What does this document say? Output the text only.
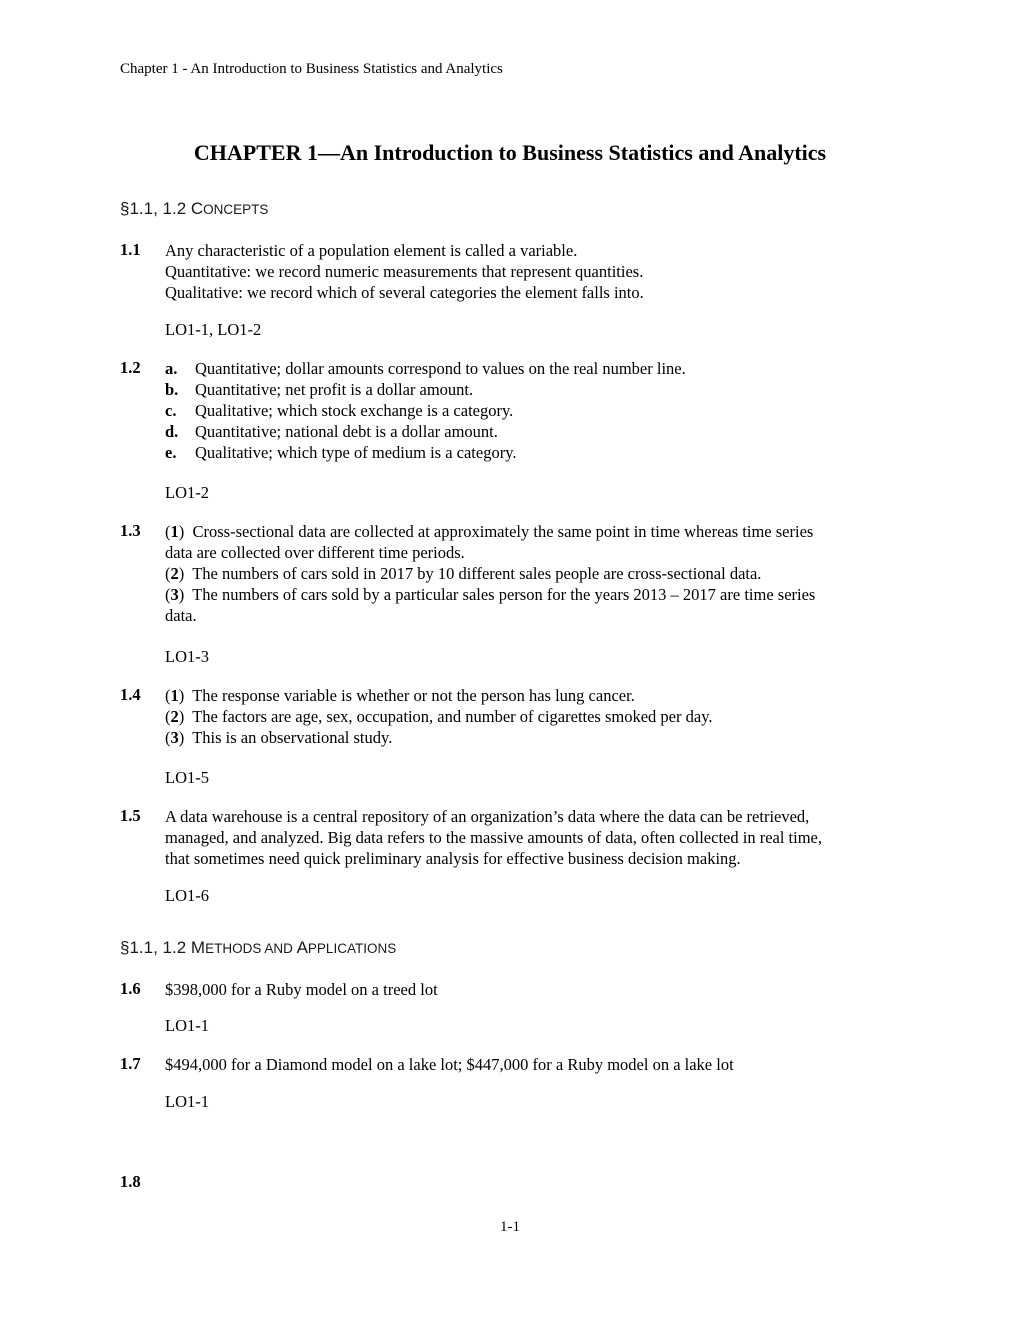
Chapter 1 - An Introduction to Business Statistics and Analytics
CHAPTER 1—An Introduction to Business Statistics and Analytics
§1.1, 1.2 CONCEPTS
1.1 Any characteristic of a population element is called a variable.
Quantitative: we record numeric measurements that represent quantities.
Qualitative: we record which of several categories the element falls into.
LO1-1, LO1-2
1.2 a. Quantitative; dollar amounts correspond to values on the real number line.
b. Quantitative; net profit is a dollar amount.
c. Qualitative; which stock exchange is a category.
d. Quantitative; national debt is a dollar amount.
e. Qualitative; which type of medium is a category.
LO1-2
1.3 (1)  Cross-sectional data are collected at approximately the same point in time whereas time series
data are collected over different time periods.
(2)  The numbers of cars sold in 2017 by 10 different sales people are cross-sectional data.
(3)  The numbers of cars sold by a particular sales person for the years 2013 – 2017 are time series
data.
LO1-3
1.4 (1)  The response variable is whether or not the person has lung cancer.
(2)  The factors are age, sex, occupation, and number of cigarettes smoked per day.
(3)  This is an observational study.
LO1-5
1.5 A data warehouse is a central repository of an organization’s data where the data can be retrieved,
managed, and analyzed. Big data refers to the massive amounts of data, often collected in real time,
that sometimes need quick preliminary analysis for effective business decision making.
LO1-6
§1.1, 1.2 METHODS AND APPLICATIONS
1.6 $398,000 for a Ruby model on a treed lot
LO1-1
1.7 $494,000 for a Diamond model on a lake lot; $447,000 for a Ruby model on a lake lot
LO1-1
1.8
1-1
